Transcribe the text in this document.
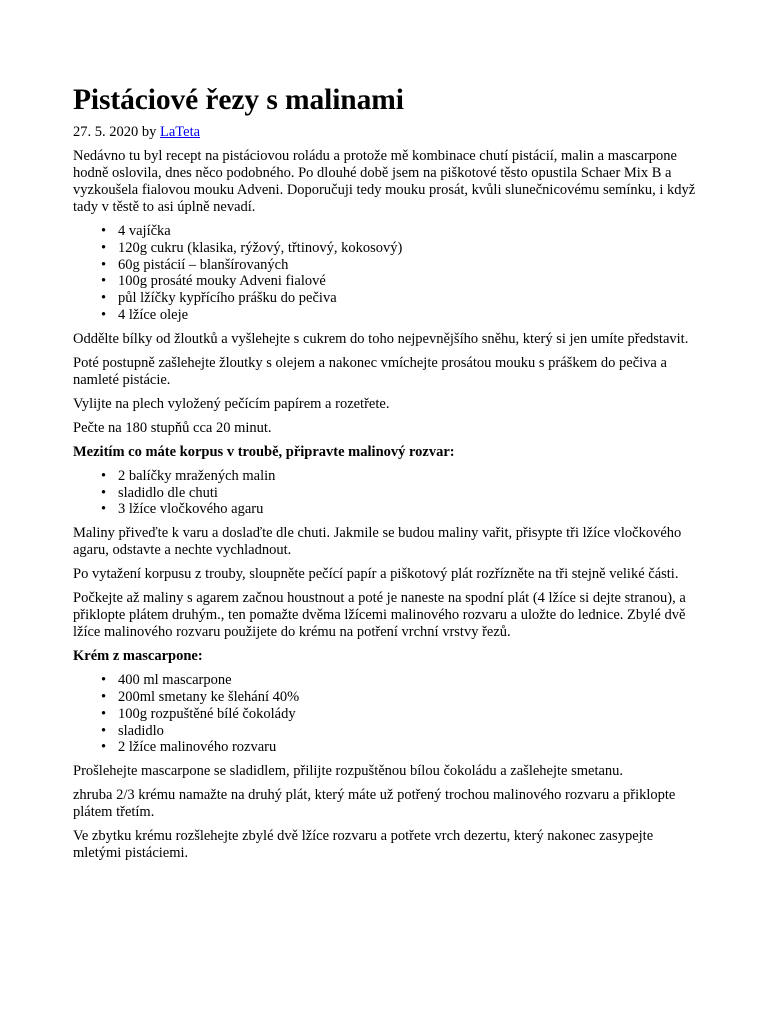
Pistáciové řezy s malinami
27. 5. 2020 by LaTeta

Nedávno tu byl recept na pistáciovou roládu a protože mě kombinace chutí pistácií, malin a mascarpone hodně oslovila, dnes něco podobného. Po dlouhé době jsem na piškotové těsto opustila Schaer Mix B a vyzkoušela fialovou mouku Adveni. Doporučuji tedy mouku prosát, kvůli slunečnicovému semínku, i když tady v těstě to asi úplně nevadí.

• 4 vajíčka
• 120g cukru (klasika, rýžový, třtinový, kokosový)
• 60g pistácií – blanšírovaných
• 100g prosáté mouky Adveni fialové
• půl lžíčky kypřícího prášku do pečiva
• 4 lžíce oleje

Oddělte bílky od žloutků a vyšlehejte s cukrem do toho nejpevnějšího sněhu, který si jen umíte představit.

Poté postupně zašlehejte žloutky s olejem a nakonec vmíchejte prosátou mouku s práškem do pečiva a namleté pistácie.

Vylijte na plech vyložený pečícím papírem a rozetřete.

Pečte na 180 stupňů cca 20 minut.

Mezitím co máte korpus v troubě, připravte malinový rozvar:

• 2 balíčky mražených malin
• sladidlo dle chuti
• 3 lžíce vločkového agaru

Maliny přiveďte k varu a doslaďte dle chuti. Jakmile se budou maliny vařit, přisypte tři lžíce vločkového agaru, odstavte a nechte vychladnout.

Po vytažení korpusu z trouby, sloupněte pečící papír a piškotový plát rozřízněte na tři stejně veliké části.

Počkejte až maliny s agarem začnou houstnout a poté je naneste na spodní plát (4 lžíce si dejte stranou), a přiklopte plátem druhým., ten pomažte dvěma lžícemi malinového rozvaru a uložte do lednice. Zbylé dvě lžíce malinového rozvaru použijete do krému na potření vrchní vrstvy řezů.

Krém z mascarpone:

• 400 ml mascarpone
• 200ml smetany ke šlehání 40%
• 100g rozpuštěné bílé čokolády
• sladidlo
• 2 lžíce malinového rozvaru

Prošlehejte mascarpone se sladidlem, přilijte rozpuštěnou bílou čokoládu a zašlehejte smetanu.

zhruba 2/3 krému namažte na druhý plát, který máte už potřený trochou malinového rozvaru a přiklopte plátem třetím.

Ve zbytku krému rozšlehejte zbylé dvě lžíce rozvaru a potřete vrch dezertu, který nakonec zasypejte mletými pistáciemi.
